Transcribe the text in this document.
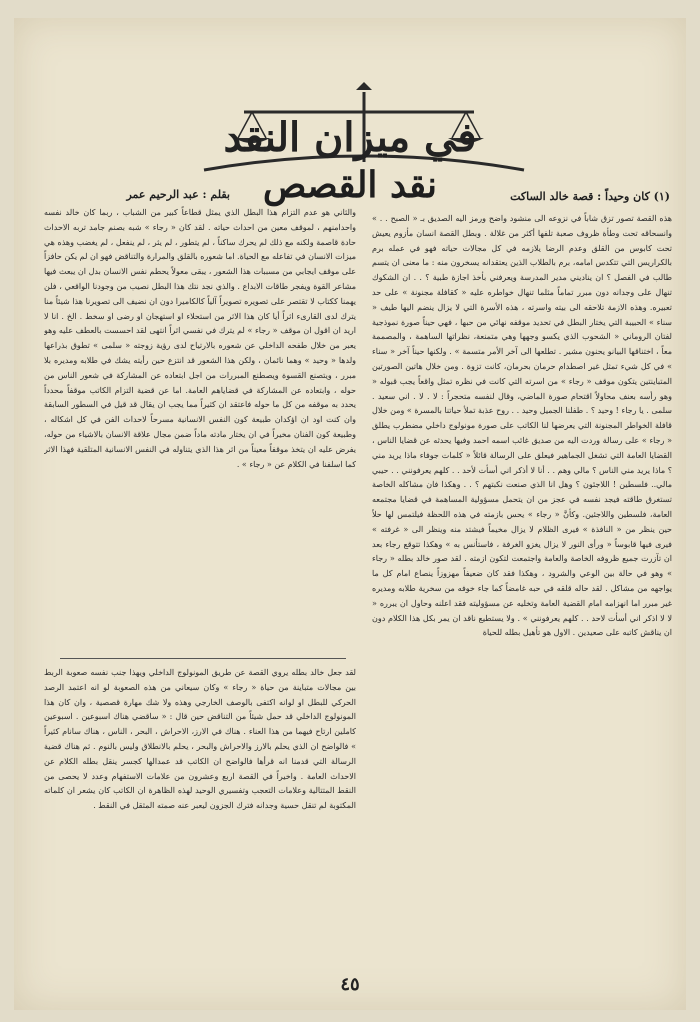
في ميزان النقد
نقد القصص
بقلم : عبد الرحيم عمر	(١) كان وحيداً : قصة خالد الساكت

هذه القصة تصور تزق شاباً في نزوعه الى منشود واضح ورمز اليه الصديق بـ « الصبح . . » وانسحاقه تحت وطأة ظروف صعبة تلفها أكثر من غلالة . وبطل القصة انسان مأزوم يعيش تحت كابوس من القلق وعدم الرضا يلازمه في كل مجالات حياته فهو في عمله برم بالكراريس التي تتكدس امامه، برم بالطلاب الذين يعتقدانه يسخرون منه : ما معنى ان يتسم طالب في الفصل ؟ ان يناديني مدير المدرسة ويعرفني بأخذ اجازة طبية ؟ . . ان الشكوك تنهال على وجدانه دون مبرر تماماً مثلما تنهال خواطره عليه « كقافلة مجنونة » على حد تعبيره. وهذه الازمة تلاحقه الى بيته واسرته ، هذه الأسرة التي لا يزال ينضم اليها طيف « سناء » الحبيبة التي يختار البطل في تحديد موقفه نهائي من حبها ، فهي حيناً صورة نموذجية لفتان الروماني « الشحوب الذي يكسو وجهها وهي متمنعة، نظراتها الساهمة ، والمصممة معاً ، اختناقها البيانو يحنون مشير . تطلعها الى آخر الأمر متسمة » . ولكنها حيناً آخر « سناء » في كل شيء تمثل غير اصطدام حرمان بحرمان، كانت تزوة . ومن خلال هاتين الصورتين المتباينتين يتكون موقف « رجاء » من اسرته التي كانت في نظره تمثل واقعاً يجب قبوله « وهو رأسه بعنف محاولاً اقتحام صورة الماضي، وقال لنفسه متحجراً : لا . لا . اني سعيد . سلمى . يا رجاء ! وحيد ؟ . طفلنا الجميل وحيد . . روح عذبة تملأ حياتنا بالمسرة » ومن خلال قافلة الخواطر المجنونة التي يعرضها لنا الكاتب على صورة مونولوج داخلي مضطرب يطلق « رجاء » على رسالة وردت اليه من صديق غائب اسمه احمد وفيها يحدثه عن قضايا الناس ، القضايا العامة التي تشغل الجماهير فيعلق على الرسالة قائلاً « كلمات جوفاء ماذا يريد مني ؟ ماذا يريد مني الناس ؟ مالي وهم . . أنا لا أذكر اني أسأت لأحد . . كلهم يعرفونني . . حيبي مالي.. فلسطين ! اللاجئون ؟ وهل انا الذي صنعت نكبتهم ؟ . . وهكذا فان مشاكله الخاصة تستغرق طاقته فيجد نفسه في عجز من ان يتحمل مسؤولية المساهمة في قضايا مجتمعه العامة، فلسطين واللاجئين. وكأنَّ « رجاء » يحس بازمته في هذه اللحظة فيلتمس لها حلاً حين ينظر من « النافذة » فيرى الظلام لا يزال مخيماً فيشتد منه وينظر الى « غرفته » فيرى فيها قابوساً « ورأى النور لا يزال يغزو الغرفة ، فاستأنس به » وهكذا تتوقع رجاء بعد ان تآزرت جميع ظروفه الخاصة والعامة واجتمعت لتكون ازمته . لقد صور خالد بطله « رجاء » وهو في حالة بين الوعي والشرود ، وهكذا فقد كان ضعيفاً مهزوزاً ينصاع امام كل ما يواجهه من مشاكل . لقد حاله قلقه في حبه غامضاً كما جاء خوفه من سخرية طلابه ومديره غير مبرر اما انهزامه امام القضية العامة وتخليه عن مسؤوليته فقد اعلنه وحاول ان يبرره « لا لا اذكر اني أسأت لاحد . . كلهم يعرفونني » . ولا يستطيع ناقد ان يمر بكل هذا الكلام دون ان يناقش كاتبه على صعيدين . الاول هو تأهيل بطله للحياة

والثاني هو عدم التزام هذا البطل الذي يمثل قطاعاً كبير من الشباب ، ربما كان خالد نفسه واحدامنهم ، لموقف معين من احداث حياته . لقد كان « رجاء » شبه بصنم جامد تربه الاحداث حادة قاصمة ولكنه مع ذلك لم يحرك ساكناً ، لم يتطور ، لم يثر ، لم ينفعل ، لم يغضب وهذه هي ميزات الانسان في تفاعله مع الحياة. اما شعوره بالقلق والمرارة والتناقض فهو ان لم يكن حافزاً على موقف ايجابي من مسببات هذا الشعور ، يبقى معولاً يحطم نفس الانسان بدل ان يبعث فيها مشاعر القوة ويفجر طاقات الابداع . والذي نجد نتك هذا البطل نصيب من وجودنا الواقعي ، فلن يهمنا ككتاب لا تقتصر على تصويره تصويراً آلياً كالكاميرا دون ان نضيف الى تصويرنا هذا شيئاً منا يترك لدى القارىء اثراً أيا كان هذا الاثر من استحلاء او استهجان او رضى او سخط . الخ . انا لا اريد ان اقول ان موقف « رجاء » لم يترك في نفسي اثراً انتهى لقد احسست بالعطف عليه وهو يعبر من خلال طفحه الداخلي عن شعوره بالارتياح لدى رؤية زوجته « سلمى » تطوق بذراعها ولدها « وحيد » وهما نائمان ، ولكن هذا الشعور قد انتزع حين رأيته يشك في طلابه ومديره بلا مبرر ، ويتصنع القسوة ويصطنع المبررات من اجل ابتعاده عن المشاركة في شعور الناس من حوله ، وابتعاده عن المشاركة في قضاياهم العامة. اما عن قضية التزام الكاتب موقفاً محدداً يحدد به موقفه من كل ما حوله فاعتقد ان كثيراً مما يجب ان يقال قد قيل في السطور السابقة وان كنت اود ان اؤكدان طبيعة كون النفس الانسانية مسرحاً لاحداث الفن في كل اشكاله ، وطبيعة كون الفنان مخيراً في ان يختار مادته ماداً ضمن مجال علاقة الانسان بالاشياء من حوله، يفرض عليه ان يتخذ موقفاً معيناً من اثر هذا الذي يتناوله في النفس الانسانية المتلقية فهذا الاثر كما اسلفنا في الكلام عن « رجاء » .

لقد جعل خالد بطله يروي القصة عن طريق المونولوج الداخلي ويهذا جنب نفسه صعوبة الربط بين مجالات متباينة من حياة « رجاء » وكان سيعاني من هذه الصعوبة لو انه اعتمد الرصد الحركي للبطل او لوانه اكتفى بالوصف الخارجي وهذه ولا شك مهارة قصصية ، وان كان هذا المونولوج الداخلي قد حمل شيئاً من التناقض حين قال : « ساقضي هناك اسبوعين . اسبوعين كاملين ارتاح فيهما من هذا العناء . هناك في الارز، الاحراش ، البحر ، الناس ، هناك سانام كثيراً » فالواضح ان الذي يحلم بالارز والاحراش والبحر ، يحلم بالانطلاق وليس بالنوم . ثم هناك قضية الرسالة التي قدمنا انه قرأها فالواضح ان الكاتب قد عمدالها كجسر ينقل بطله الكلام عن الاحداث العامة . واخيراً في القصة اربع وعشرون من علامات الاستفهام وعدد لا يحصى من النقط المتتالية وعلامات التعجب وتفسيري الوحيد لهذه الظاهرة ان الكاتب كان يشعر ان كلماته المكتوبة لم تنقل حسية وجدانه فترك الجزون ليعبر عنه صمته المثقل في النقط .

٤٥
